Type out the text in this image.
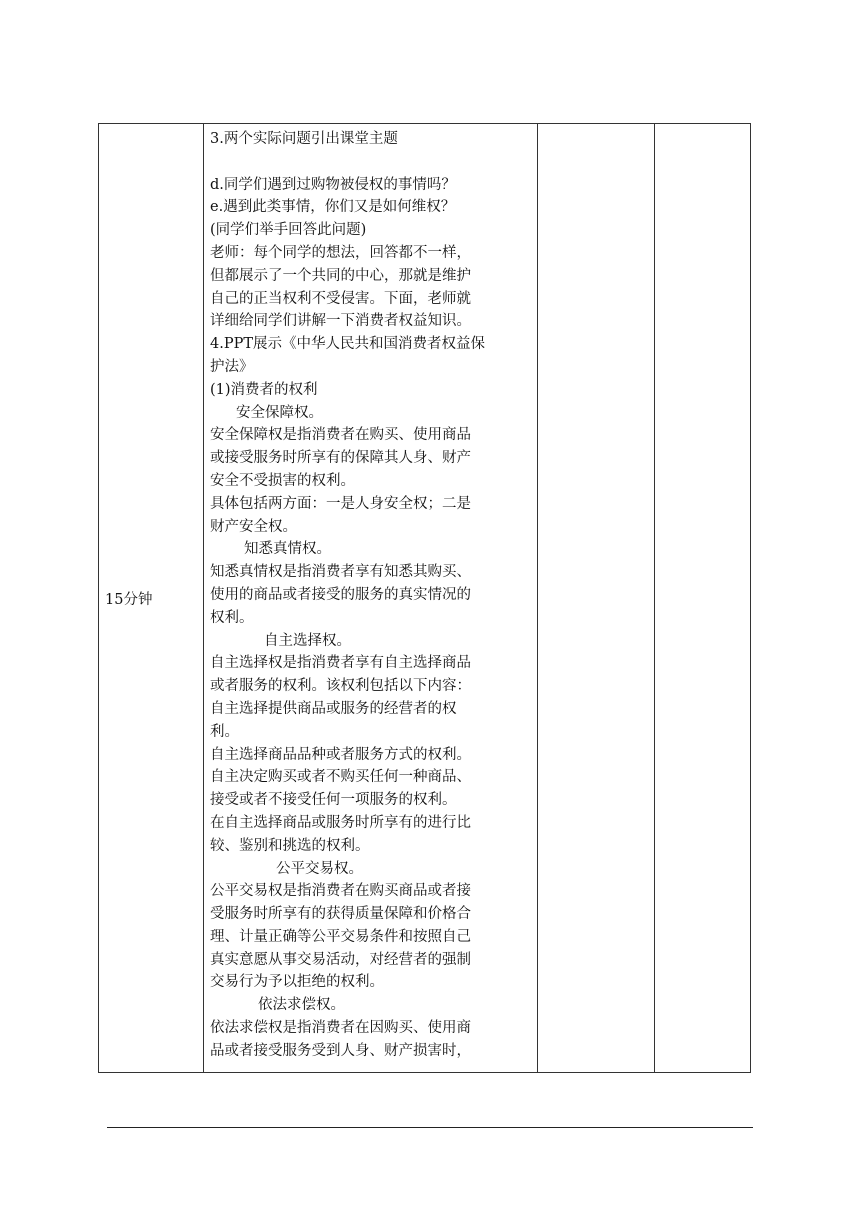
15分钟	
3.两个实际问题引出课堂主题
d.同学们遇到过购物被侵权的事情吗？
e.遇到此类事情，你们又是如何维权？
(同学们举手回答此问题)
老师：每个同学的想法，回答都不一样，
但都展示了一个共同的中心，那就是维护
自己的正当权利不受侵害。下面，老师就
详细给同学们讲解一下消费者权益知识。
4.PPT展示《中华人民共和国消费者权益保
护法》
(1)消费者的权利
安全保障权。
安全保障权是指消费者在购买、使用商品
或接受服务时所享有的保障其人身、财产
安全不受损害的权利。
具体包括两方面：一是人身安全权；二是
财产安全权。
知悉真情权。
知悉真情权是指消费者享有知悉其购买、
使用的商品或者接受的服务的真实情况的
权利。
自主选择权。
自主选择权是指消费者享有自主选择商品
或者服务的权利。该权利包括以下内容：
自主选择提供商品或服务的经营者的权
利。
自主选择商品品种或者服务方式的权利。
自主决定购买或者不购买任何一种商品、
接受或者不接受任何一项服务的权利。
在自主选择商品或服务时所享有的进行比
较、鉴别和挑选的权利。
公平交易权。
公平交易权是指消费者在购买商品或者接
受服务时所享有的获得质量保障和价格合
理、计量正确等公平交易条件和按照自己
真实意愿从事交易活动，对经营者的强制
交易行为予以拒绝的权利。
依法求偿权。
依法求偿权是指消费者在因购买、使用商
品或者接受服务受到人身、财产损害时，
